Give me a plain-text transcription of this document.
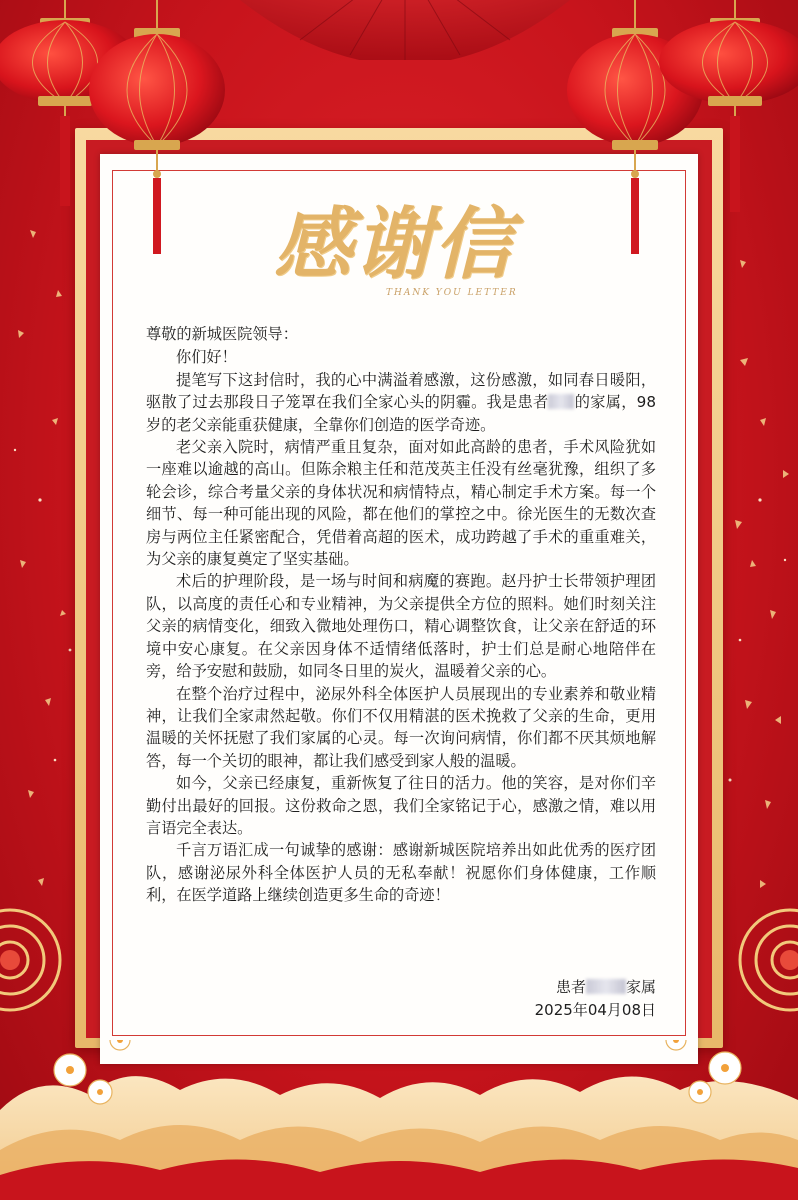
感谢信
THANK YOU LETTER

尊敬的新城医院领导：

你们好！

提笔写下这封信时，我的心中满溢着感激，这份感激，如同春日暖阳，驱散了过去那段日子笼罩在我们全家心头的阴霾。我是患者 的家属，98 岁的老父亲能重获健康，全靠你们创造的医学奇迹。

老父亲入院时，病情严重且复杂，面对如此高龄的患者，手术风险犹如一座难以逾越的高山。但陈余粮主任和范茂英主任没有丝毫犹豫，组织了多轮会诊，综合考量父亲的身体状况和病情特点，精心制定手术方案。每一个细节、每一种可能出现的风险，都在他们的掌控之中。徐光医生的无数次查房与两位主任紧密配合，凭借着高超的医术，成功跨越了手术的重重难关，为父亲的康复奠定了坚实基础。

术后的护理阶段，是一场与时间和病魔的赛跑。赵丹护士长带领护理团队，以高度的责任心和专业精神，为父亲提供全方位的照料。她们时刻关注父亲的病情变化，细致入微地处理伤口，精心调整饮食，让父亲在舒适的环境中安心康复。在父亲因身体不适情绪低落时，护士们总是耐心地陪伴在旁，给予安慰和鼓励，如同冬日里的炭火，温暖着父亲的心。

在整个治疗过程中，泌尿外科全体医护人员展现出的专业素养和敬业精神，让我们全家肃然起敬。你们不仅用精湛的医术挽救了父亲的生命，更用温暖的关怀抚慰了我们家属的心灵。每一次询问病情，你们都不厌其烦地解答，每一个关切的眼神，都让我们感受到家人般的温暖。

如今，父亲已经康复，重新恢复了往日的活力。他的笑容，是对你们辛勤付出最好的回报。这份救命之恩，我们全家铭记于心，感激之情，难以用言语完全表达。

千言万语汇成一句诚挚的感谢：感谢新城医院培养出如此优秀的医疗团队，感谢泌尿外科全体医护人员的无私奉献！祝愿你们身体健康，工作顺利，在医学道路上继续创造更多生命的奇迹！

患者	家属
2025年04月08日
